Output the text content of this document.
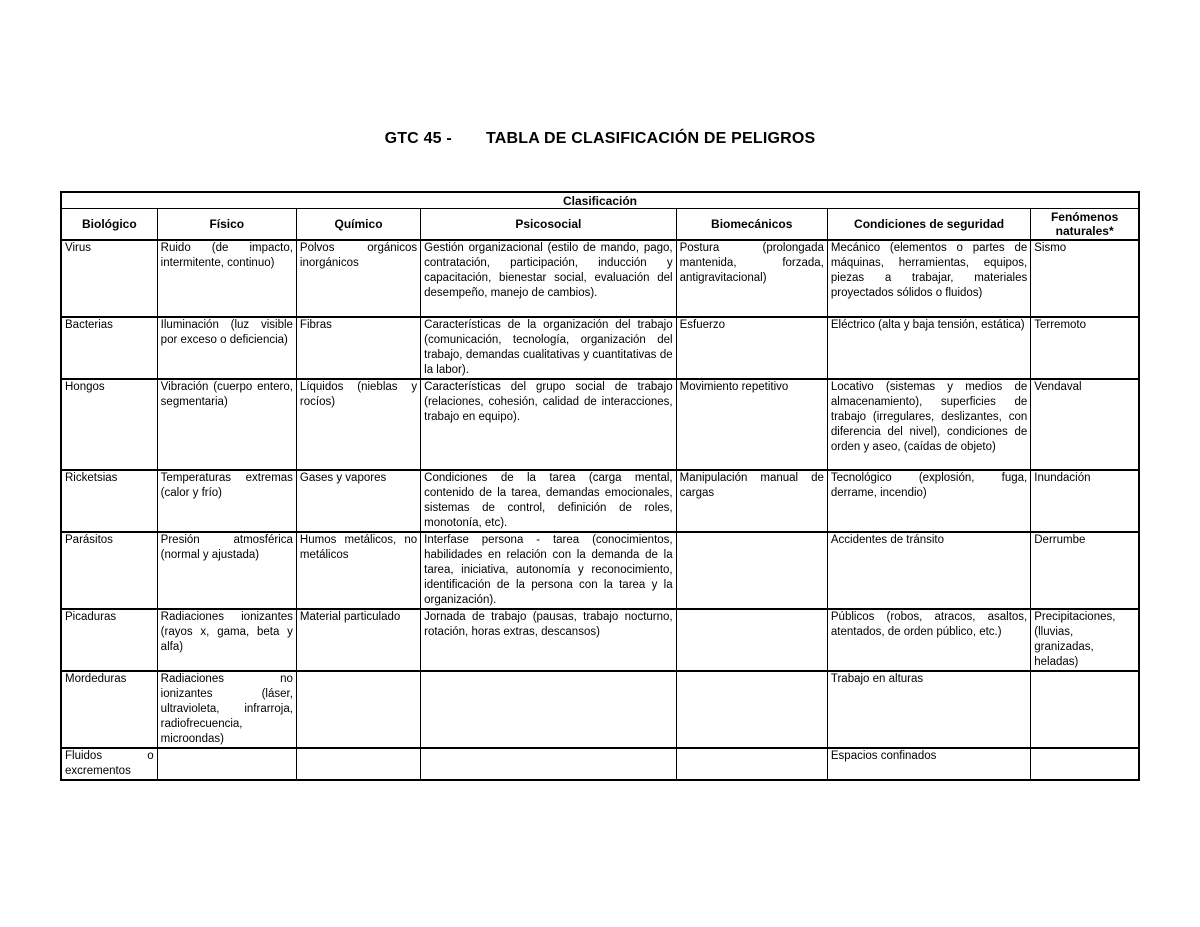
GTC 45 - TABLA DE CLASIFICACIÓN DE PELIGROS
Clasificación						
Biológico	Físico	Químico	Psicosocial	Biomecánicos	Condiciones de seguridad	Fenómenos naturales*
Virus	Ruido (de impacto, intermitente, continuo)	Polvos orgánicos inorgánicos	Gestión organizacional (estilo de mando, pago, contratación, participación, inducción y capacitación, bienestar social, evaluación del desempeño, manejo de cambios).	Postura (prolongada mantenida, forzada, antigravitacional)	Mecánico (elementos o partes de máquinas, herramientas, equipos, piezas a trabajar, materiales proyectados sólidos o fluidos)	Sismo
Bacterias	Iluminación (luz visible por exceso o deficiencia)	Fibras	Características de la organización del trabajo (comunicación, tecnología, organización del trabajo, demandas cualitativas y cuantitativas de la labor).	Esfuerzo	Eléctrico (alta y baja tensión, estática)	Terremoto
Hongos	Vibración (cuerpo entero, segmentaria)	Líquidos (nieblas y rocíos)	Características del grupo social de trabajo (relaciones, cohesión, calidad de interacciones, trabajo en equipo).	Movimiento repetitivo	Locativo (sistemas y medios de almacenamiento), superficies de trabajo (irregulares, deslizantes, con diferencia del nivel), condiciones de orden y aseo, (caídas de objeto)	Vendaval
Ricketsias	Temperaturas extremas (calor y frío)	Gases y vapores	Condiciones de la tarea (carga mental, contenido de la tarea, demandas emocionales, sistemas de control, definición de roles, monotonía, etc).	Manipulación manual de cargas	Tecnológico (explosión, fuga, derrame, incendio)	Inundación
Parásitos	Presión atmosférica (normal y ajustada)	Humos metálicos, no metálicos	Interfase persona - tarea (conocimientos, habilidades en relación con la demanda de la tarea, iniciativa, autonomía y reconocimiento, identificación de la persona con la tarea y la organización).		Accidentes de tránsito	Derrumbe
Picaduras	Radiaciones ionizantes (rayos x, gama, beta y alfa)	Material particulado	Jornada de trabajo (pausas, trabajo nocturno, rotación, horas extras, descansos)		Públicos (robos, atracos, asaltos, atentados, de orden público, etc.)	Precipitaciones, (lluvias, granizadas, heladas)
Mordeduras	Radiaciones no ionizantes (láser, ultravioleta, infrarroja, radiofrecuencia, microondas)				Trabajo en alturas	
Fluidos o excrementos					Espacios confinados	
